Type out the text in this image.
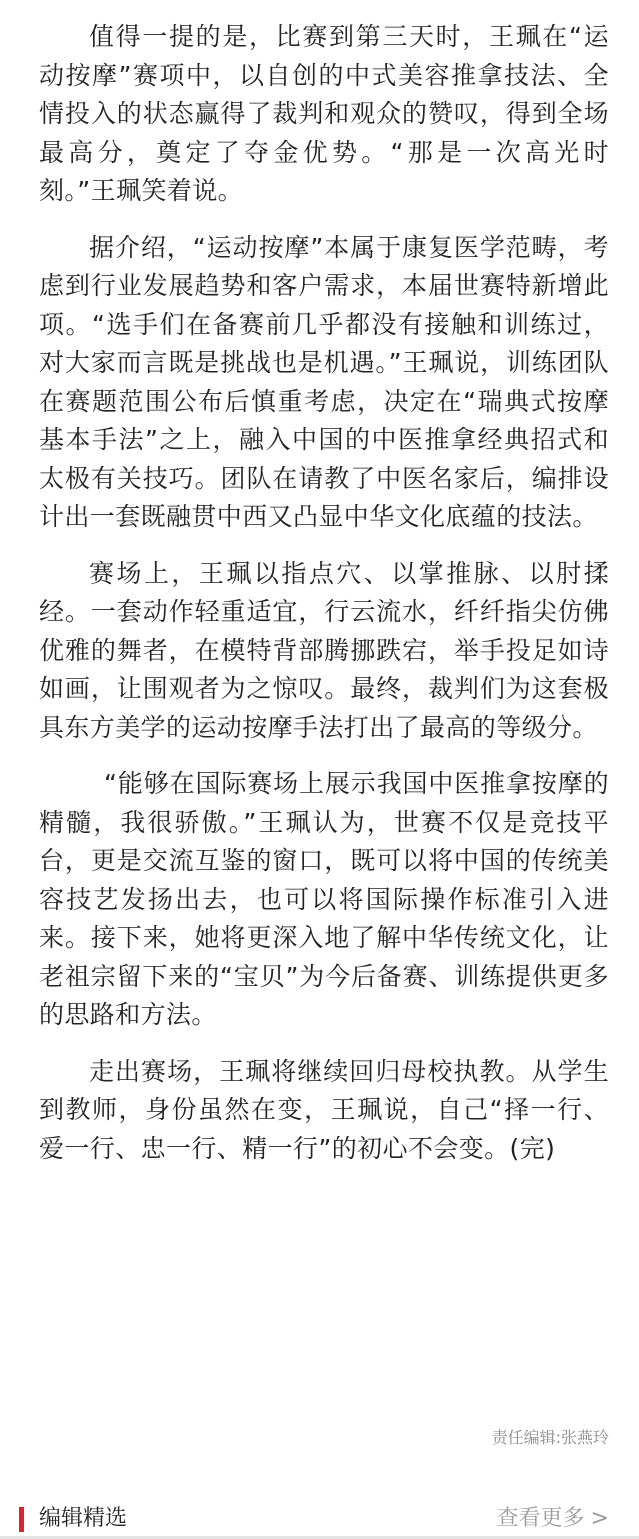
值得一提的是，比赛到第三天时，王珮在“运动按摩”赛项中，以自创的中式美容推拿技法、全情投入的状态赢得了裁判和观众的赞叹，得到全场最高分，奠定了夺金优势。“那是一次高光时刻。”王珮笑着说。

据介绍，“运动按摩”本属于康复医学范畴，考虑到行业发展趋势和客户需求，本届世赛特新增此项。“选手们在备赛前几乎都没有接触和训练过，对大家而言既是挑战也是机遇。”王珮说，训练团队在赛题范围公布后慎重考虑，决定在“瑞典式按摩基本手法”之上，融入中国的中医推拿经典招式和太极有关技巧。团队在请教了中医名家后，编排设计出一套既融贯中西又凸显中华文化底蕴的技法。

赛场上，王珮以指点穴、以掌推脉、以肘揉经。一套动作轻重适宜，行云流水，纤纤指尖仿佛优雅的舞者，在模特背部腾挪跌宕，举手投足如诗如画，让围观者为之惊叹。最终，裁判们为这套极具东方美学的运动按摩手法打出了最高的等级分。

“能够在国际赛场上展示我国中医推拿按摩的精髓，我很骄傲。”王珮认为，世赛不仅是竞技平台，更是交流互鉴的窗口，既可以将中国的传统美容技艺发扬出去，也可以将国际操作标准引入进来。接下来，她将更深入地了解中华传统文化，让老祖宗留下来的“宝贝”为今后备赛、训练提供更多的思路和方法。

走出赛场，王珮将继续回归母校执教。从学生到教师，身份虽然在变，王珮说，自己“择一行、爱一行、忠一行、精一行”的初心不会变。(完)

责任编辑:张燕玲
编辑精选	查看更多 >
